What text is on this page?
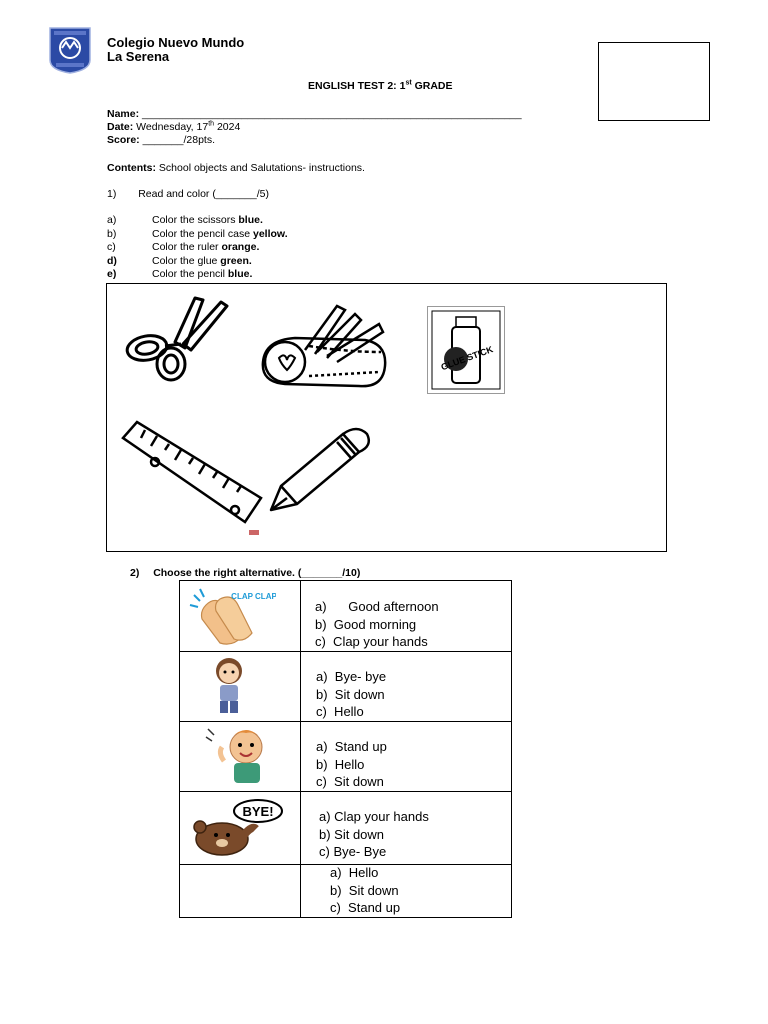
Colegio Nuevo Mundo
La Serena
ENGLISH TEST 2: 1st GRADE
Name: _________________________________________________________________
Date: Wednesday, 17th 2024
Score: _______/28pts.
Contents: School objects and Salutations- instructions.
1) Read and color (_______/5)
a)	Color the scissors blue.
b)	Color the pencil case yellow.
c)	Color the ruler orange.
d)	Color the glue green.
e)	Color the pencil blue.
GLUE STICK
2) Choose the right alternative. (_______/10)
CLAP CLAP
a)      Good afternoon
b)  Good morning
c)  Clap your hands
a)  Bye- bye
b)  Sit down
c)  Hello
a)  Stand up
b)  Hello
c)  Sit down
BYE!	a) Clap your hands
b) Sit down
c) Bye- Bye
a)  Hello
b)  Sit down
c)  Stand up
